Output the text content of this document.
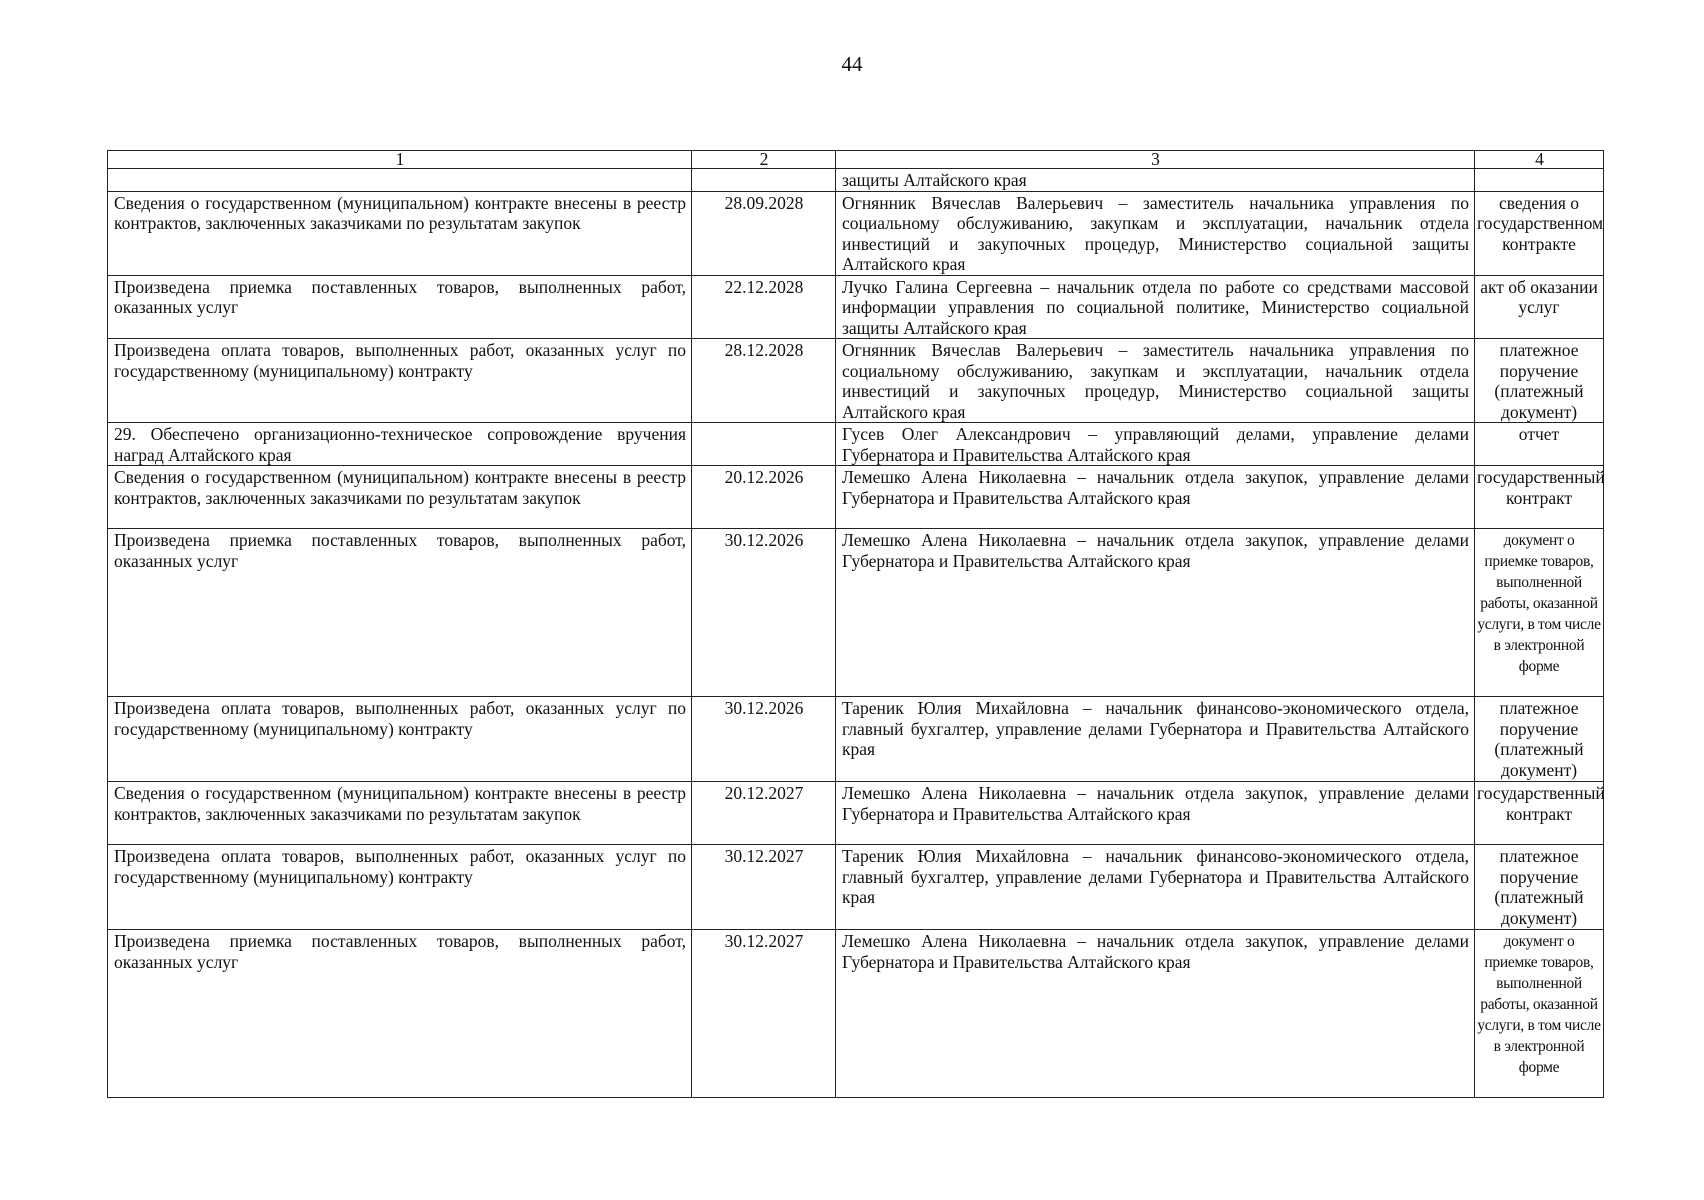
44
1	2	3	4
		защиты Алтайского края	
Сведения о государственном (муниципальном) контракте внесены в реестр контрактов, заключенных заказчиками по результатам закупок	28.09.2028	Огнянник Вячеслав Валерьевич – заместитель начальника управления по социальному обслуживанию, закупкам и эксплуатации, начальник отдела инвестиций и закупочных процедур, Министерство социальной защиты Алтайского края	сведения о государственном контракте
Произведена приемка поставленных товаров, выполненных работ, оказанных услуг	22.12.2028	Лучко Галина Сергеевна – начальник отдела по работе со средствами массовой информации управления по социальной политике, Министерство социальной защиты Алтайского края	акт об оказании услуг
Произведена оплата товаров, выполненных работ, оказанных услуг по государственному (муниципальному) контракту	28.12.2028	Огнянник Вячеслав Валерьевич – заместитель начальника управления по социальному обслуживанию, закупкам и эксплуатации, начальник отдела инвестиций и закупочных процедур, Министерство социальной защиты Алтайского края	платежное поручение (платежный документ)
29. Обеспечено организационно-техническое сопровождение вручения наград Алтайского края		Гусев Олег Александрович – управляющий делами, управление делами Губернатора и Правительства Алтайского края	отчет
Сведения о государственном (муниципальном) контракте внесены в реестр контрактов, заключенных заказчиками по результатам закупок	20.12.2026	Лемешко Алена Николаевна – начальник отдела закупок, управление делами Губернатора и Правительства Алтайского края	государственный контракт
Произведена приемка поставленных товаров, выполненных работ, оказанных услуг	30.12.2026	Лемешко Алена Николаевна – начальник отдела закупок, управление делами Губернатора и Правительства Алтайского края	документ о приемке товаров, выполненной работы, оказанной услуги, в том числе в электронной форме
Произведена оплата товаров, выполненных работ, оказанных услуг по государственному (муниципальному) контракту	30.12.2026	Тареник Юлия Михайловна – начальник финансово-экономического отдела, главный бухгалтер, управление делами Губернатора и Правительства Алтайского края	платежное поручение (платежный документ)
Сведения о государственном (муниципальном) контракте внесены в реестр контрактов, заключенных заказчиками по результатам закупок	20.12.2027	Лемешко Алена Николаевна – начальник отдела закупок, управление делами Губернатора и Правительства Алтайского края	государственный контракт
Произведена оплата товаров, выполненных работ, оказанных услуг по государственному (муниципальному) контракту	30.12.2027	Тареник Юлия Михайловна – начальник финансово-экономического отдела, главный бухгалтер, управление делами Губернатора и Правительства Алтайского края	платежное поручение (платежный документ)
Произведена приемка поставленных товаров, выполненных работ, оказанных услуг	30.12.2027	Лемешко Алена Николаевна – начальник отдела закупок, управление делами Губернатора и Правительства Алтайского края	документ о приемке товаров, выполненной работы, оказанной услуги, в том числе в электронной форме
